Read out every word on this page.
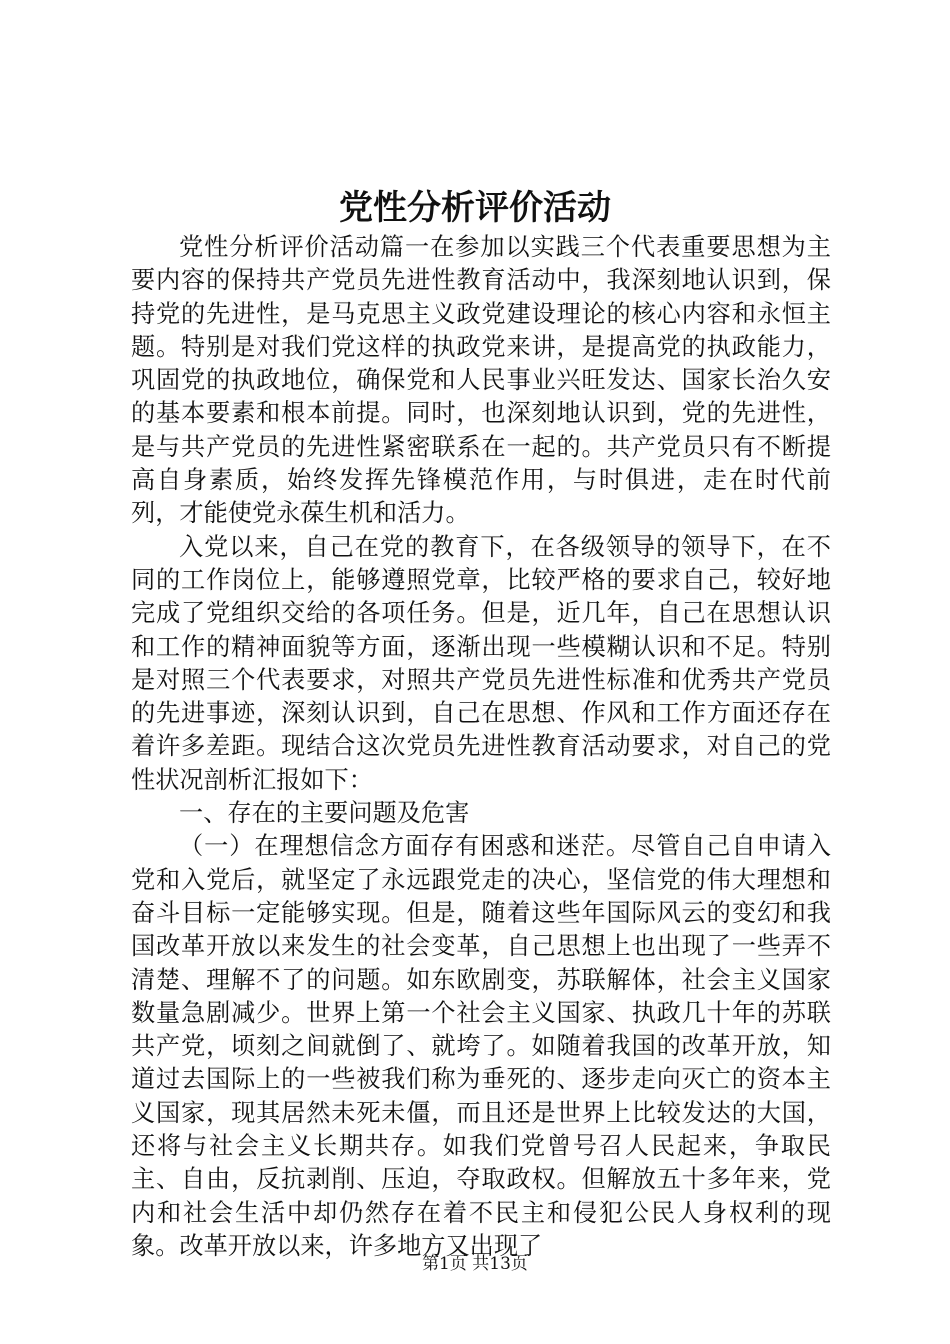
党性分析评价活动

党性分析评价活动篇一在参加以实践三个代表重要思想为主要内容的保持共产党员先进性教育活动中，我深刻地认识到，保持党的先进性，是马克思主义政党建设理论的核心内容和永恒主题。特别是对我们党这样的执政党来讲，是提高党的执政能力，巩固党的执政地位，确保党和人民事业兴旺发达、国家长治久安的基本要素和根本前提。同时，也深刻地认识到，党的先进性，是与共产党员的先进性紧密联系在一起的。共产党员只有不断提高自身素质，始终发挥先锋模范作用，与时俱进，走在时代前列，才能使党永葆生机和活力。

入党以来，自己在党的教育下，在各级领导的领导下，在不同的工作岗位上，能够遵照党章，比较严格的要求自己，较好地完成了党组织交给的各项任务。但是，近几年，自己在思想认识和工作的精神面貌等方面，逐渐出现一些模糊认识和不足。特别是对照三个代表要求，对照共产党员先进性标准和优秀共产党员的先进事迹，深刻认识到，自己在思想、作风和工作方面还存在着许多差距。现结合这次党员先进性教育活动要求，对自己的党性状况剖析汇报如下：

一、存在的主要问题及危害

（一）在理想信念方面存有困惑和迷茫。尽管自己自申请入党和入党后，就坚定了永远跟党走的决心，坚信党的伟大理想和奋斗目标一定能够实现。但是，随着这些年国际风云的变幻和我国改革开放以来发生的社会变革，自己思想上也出现了一些弄不清楚、理解不了的问题。如东欧剧变，苏联解体，社会主义国家数量急剧减少。世界上第一个社会主义国家、执政几十年的苏联共产党，顷刻之间就倒了、就垮了。如随着我国的改革开放，知道过去国际上的一些被我们称为垂死的、逐步走向灭亡的资本主义国家，现其居然未死未僵，而且还是世界上比较发达的大国，还将与社会主义长期共存。如我们党曾号召人民起来，争取民主、自由，反抗剥削、压迫，夺取政权。但解放五十多年来，党内和社会生活中却仍然存在着不民主和侵犯公民人身权利的现象。改革开放以来，许多地方又出现了

第1页 共13页
